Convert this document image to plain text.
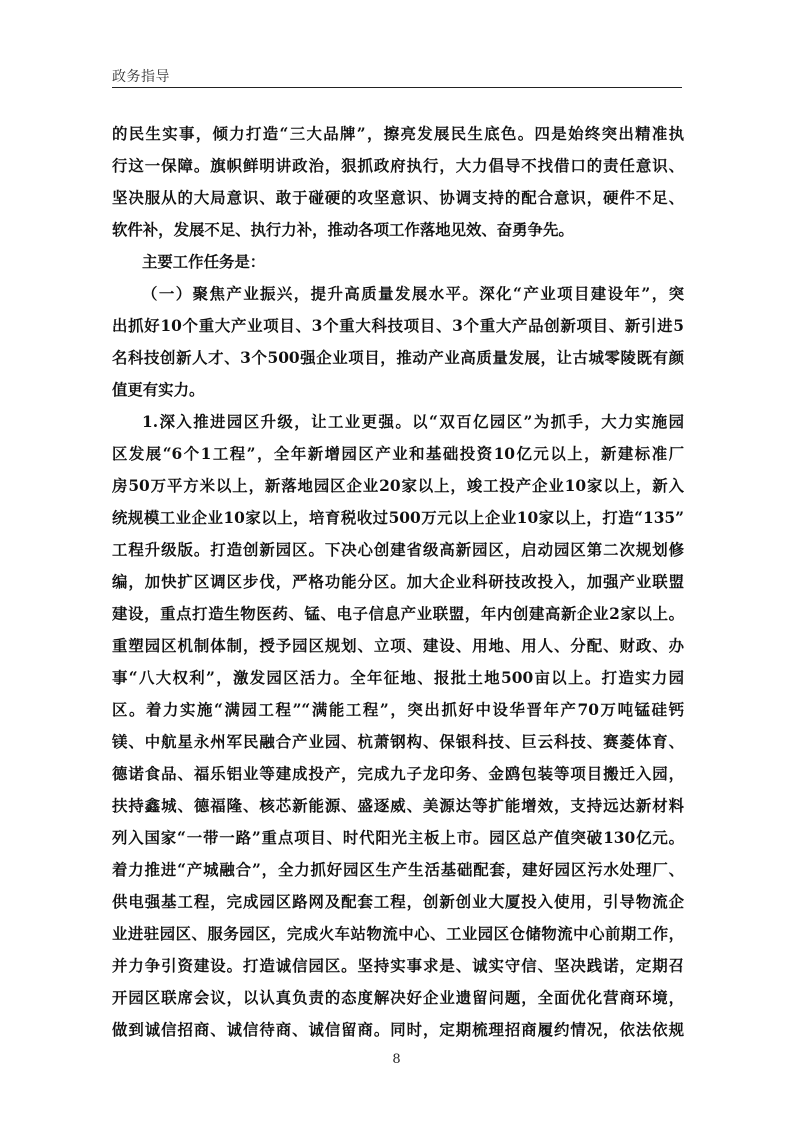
政务指导
的民生实事，倾力打造“三大品牌”，擦亮发展民生底色。四是始终突出精准执
行这一保障。旗帜鲜明讲政治，狠抓政府执行，大力倡导不找借口的责任意识、
坚决服从的大局意识、敢于碰硬的攻坚意识、协调支持的配合意识，硬件不足、
软件补，发展不足、执行力补，推动各项工作落地见效、奋勇争先。
主要工作任务是：
（一）聚焦产业振兴，提升高质量发展水平。深化“产业项目建设年”，突
出抓好10个重大产业项目、3个重大科技项目、3个重大产品创新项目、新引进5
名科技创新人才、3个500强企业项目，推动产业高质量发展，让古城零陵既有颜
值更有实力。
1.深入推进园区升级，让工业更强。以“双百亿园区”为抓手，大力实施园
区发展“6个1工程”，全年新增园区产业和基础投资10亿元以上，新建标准厂
房50万平方米以上，新落地园区企业20家以上，竣工投产企业10家以上，新入
统规模工业企业10家以上，培育税收过500万元以上企业10家以上，打造“135”
工程升级版。打造创新园区。下决心创建省级高新园区，启动园区第二次规划修
编，加快扩区调区步伐，严格功能分区。加大企业科研技改投入，加强产业联盟
建设，重点打造生物医药、锰、电子信息产业联盟，年内创建高新企业2家以上。
重塑园区机制体制，授予园区规划、立项、建设、用地、用人、分配、财政、办
事“八大权利”，激发园区活力。全年征地、报批土地500亩以上。打造实力园
区。着力实施“满园工程”“满能工程”，突出抓好中设华晋年产70万吨锰硅钙
镁、中航星永州军民融合产业园、杭萧钢构、保银科技、巨云科技、赛菱体育、
德诺食品、福乐铝业等建成投产，完成九子龙印务、金鸥包装等项目搬迁入园，
扶持鑫城、德福隆、核芯新能源、盛逐威、美源达等扩能增效，支持远达新材料
列入国家“一带一路”重点项目、时代阳光主板上市。园区总产值突破130亿元。
着力推进“产城融合”，全力抓好园区生产生活基础配套，建好园区污水处理厂、
供电强基工程，完成园区路网及配套工程，创新创业大厦投入使用，引导物流企
业进驻园区、服务园区，完成火车站物流中心、工业园区仓储物流中心前期工作，
并力争引资建设。打造诚信园区。坚持实事求是、诚实守信、坚决践诺，定期召
开园区联席会议，以认真负责的态度解决好企业遗留问题，全面优化营商环境，
做到诚信招商、诚信待商、诚信留商。同时，定期梳理招商履约情况，依法依规
8
